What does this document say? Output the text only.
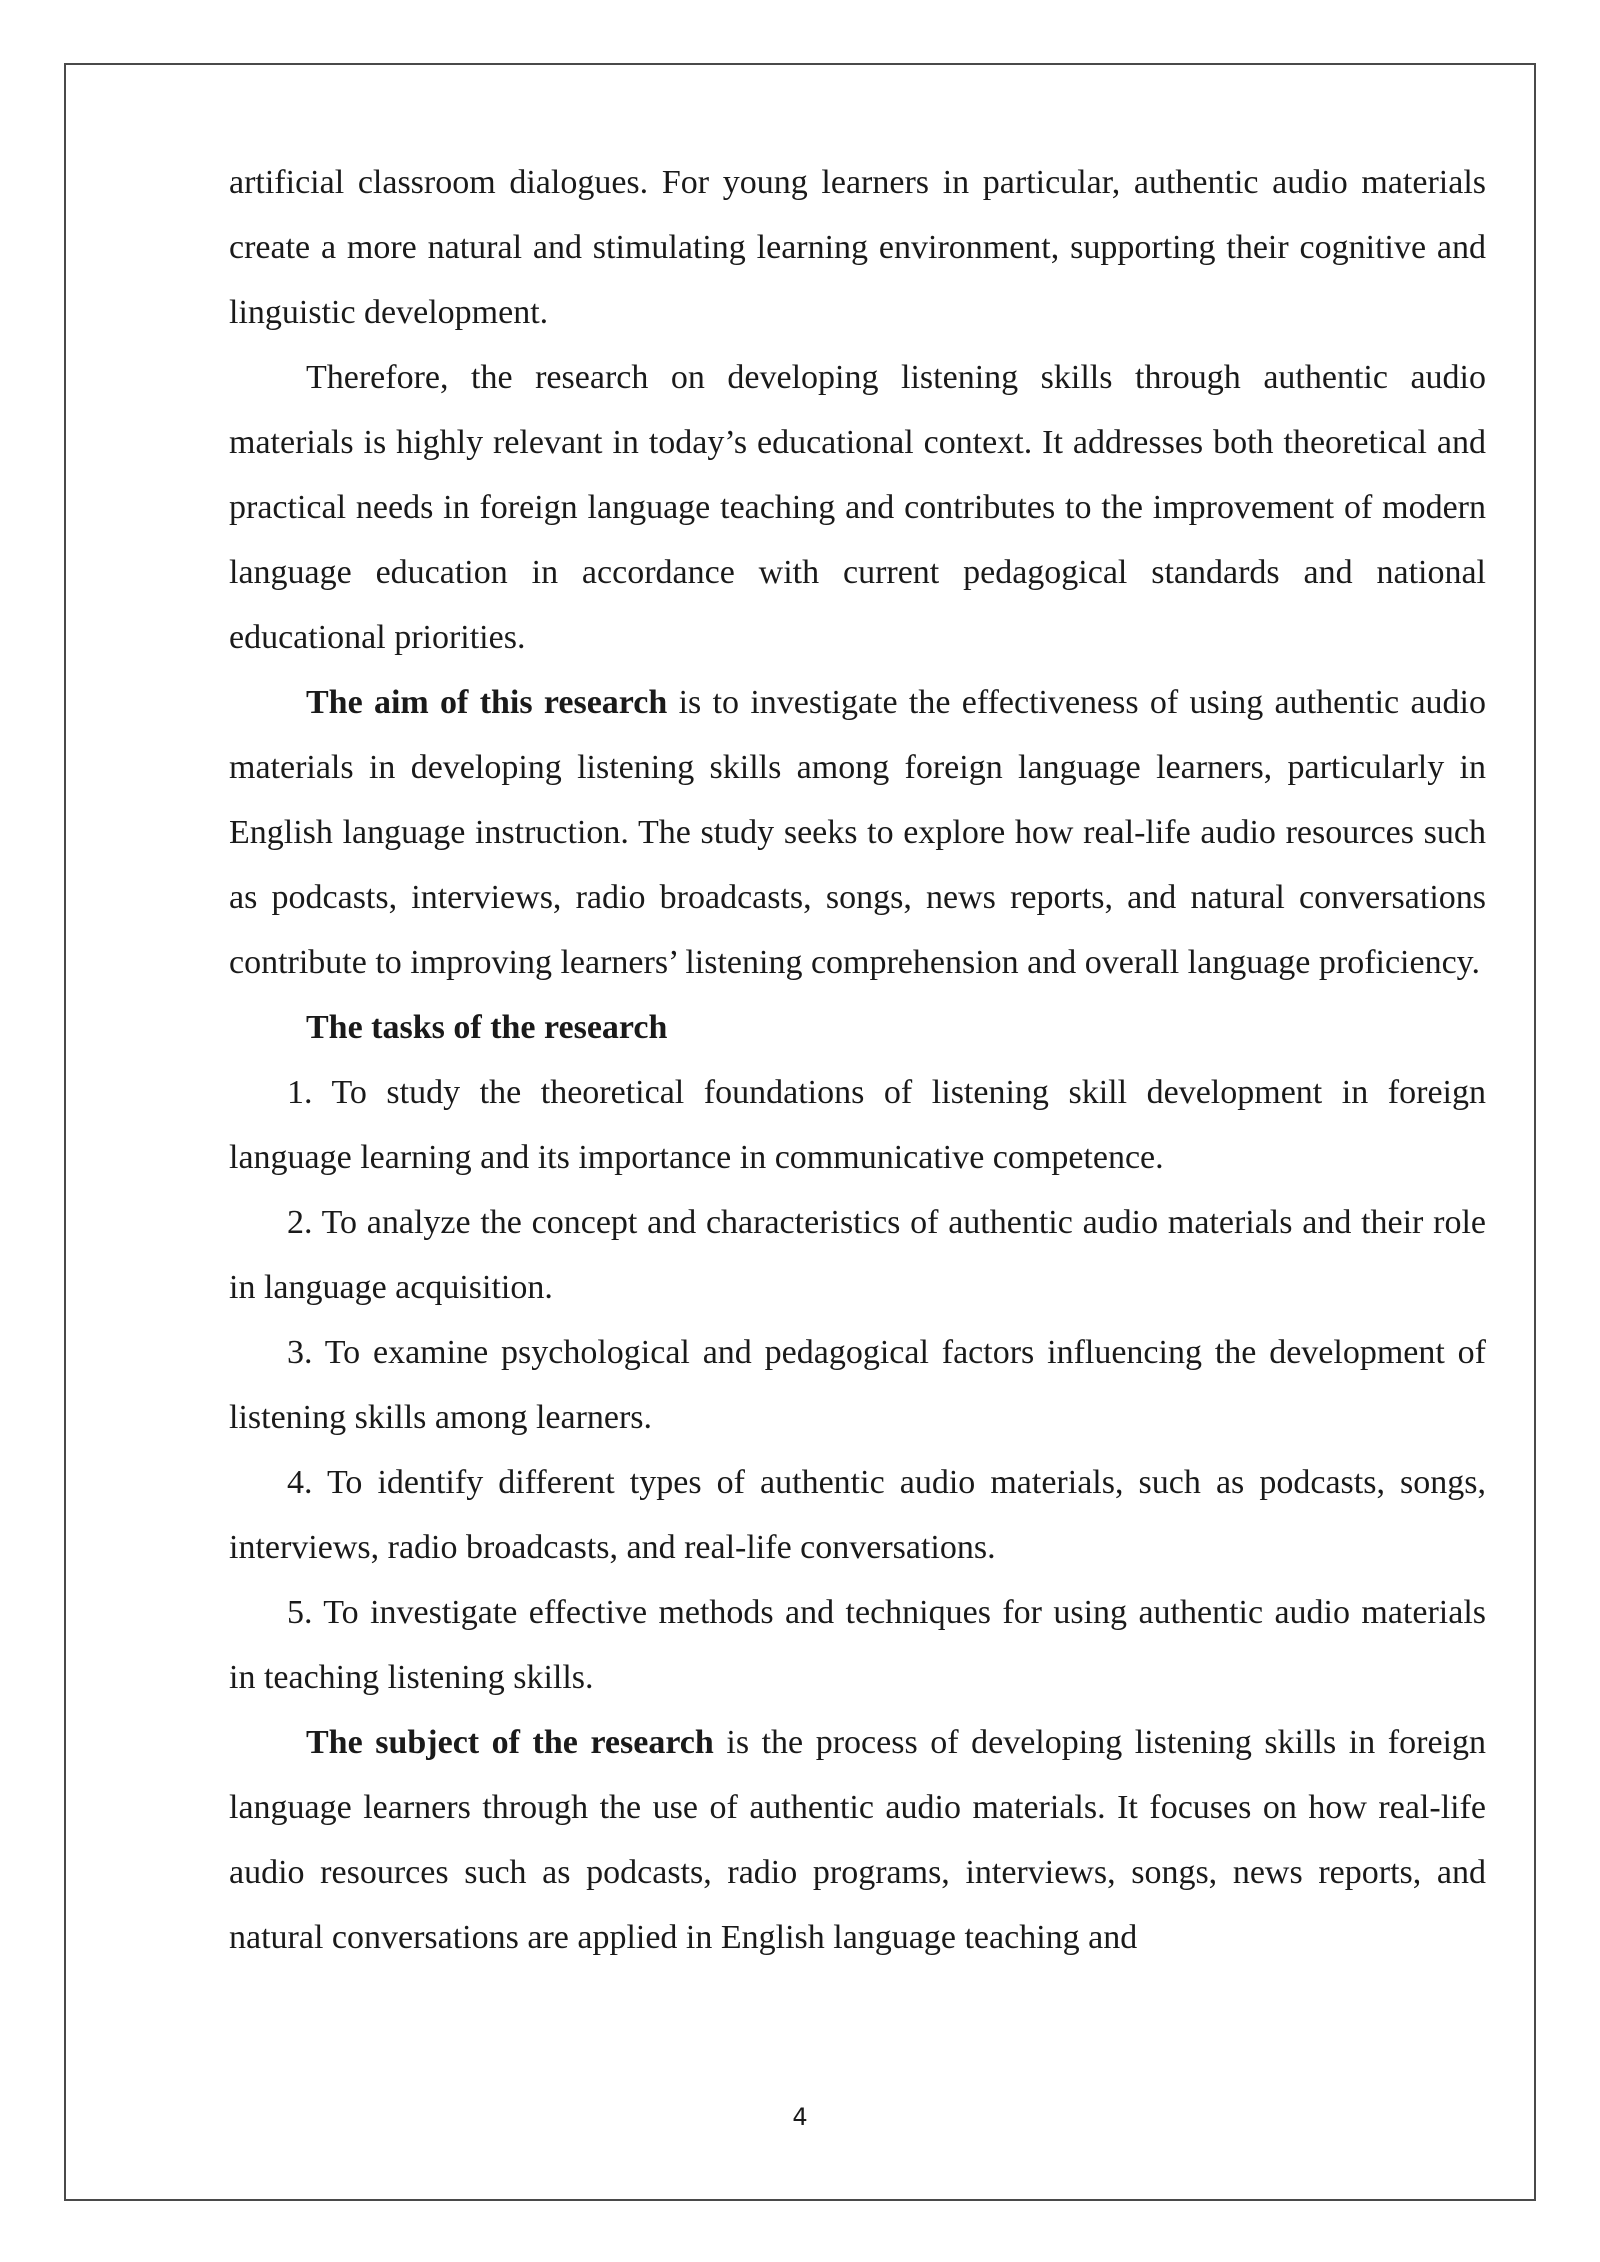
artificial classroom dialogues. For young learners in particular, authentic audio materials create a more natural and stimulating learning environment, supporting their cognitive and linguistic development.

Therefore, the research on developing listening skills through authentic audio materials is highly relevant in today’s educational context. It addresses both theoretical and practical needs in foreign language teaching and contributes to the improvement of modern language education in accordance with current pedagogical standards and national educational priorities.

The aim of this research is to investigate the effectiveness of using authentic audio materials in developing listening skills among foreign language learners, particularly in English language instruction. The study seeks to explore how real-life audio resources such as podcasts, interviews, radio broadcasts, songs, news reports, and natural conversations contribute to improving learners’ listening comprehension and overall language proficiency.

The tasks of the research

1. To study the theoretical foundations of listening skill development in foreign language learning and its importance in communicative competence.

2. To analyze the concept and characteristics of authentic audio materials and their role in language acquisition.

3. To examine psychological and pedagogical factors influencing the development of listening skills among learners.

4. To identify different types of authentic audio materials, such as podcasts, songs, interviews, radio broadcasts, and real-life conversations.

5. To investigate effective methods and techniques for using authentic audio materials in teaching listening skills.

The subject of the research is the process of developing listening skills in foreign language learners through the use of authentic audio materials. It focuses on how real-life audio resources such as podcasts, radio programs, interviews, songs, news reports, and natural conversations are applied in English language teaching and

4
